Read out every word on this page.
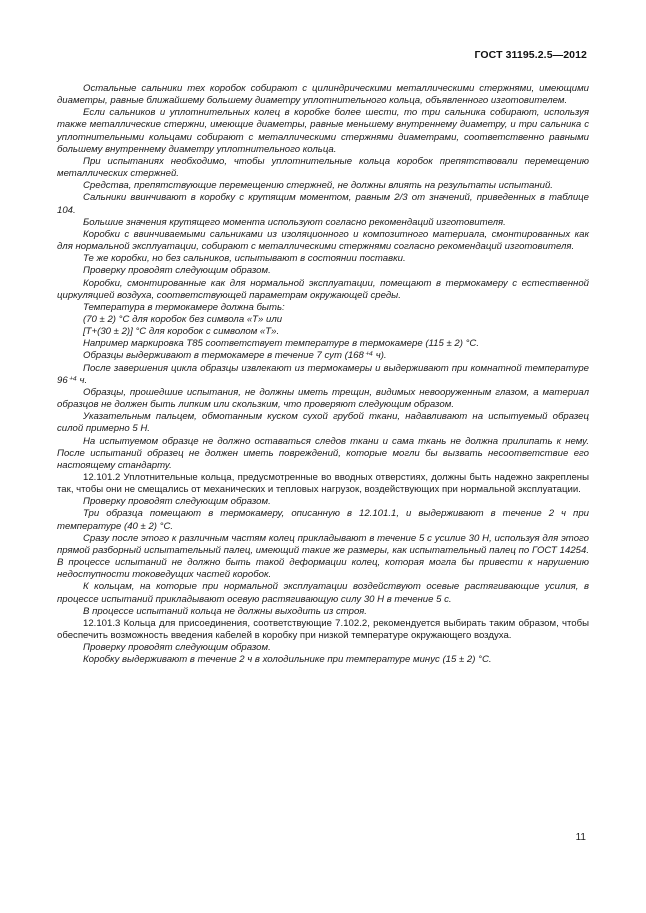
ГОСТ 31195.2.5—2012

Остальные сальники тех коробок собирают с цилиндрическими металлическими стержнями, имеющими диаметры, равные ближайшему большему диаметру уплотнительного кольца, объявленного изготовителем.

Если сальников и уплотнительных колец в коробке более шести, то три сальника собирают, используя также металлические стержни, имеющие диаметры, равные меньшему внутреннему диаметру, и три сальника с уплотнительными кольцами собирают с металлическими стержнями диаметрами, соответственно равными большему внутреннему диаметру уплотнительного кольца.

При испытаниях необходимо, чтобы уплотнительные кольца коробок препятствовали перемещению металлических стержней.

Средства, препятствующие перемещению стержней, не должны влиять на результаты испытаний.

Сальники ввинчивают в коробку с крутящим моментом, равным 2/3 от значений, приведенных в таблице 104.

Большие значения крутящего момента используют согласно рекомендаций изготовителя.

Коробки с ввинчиваемыми сальниками из изоляционного и композитного материала, смонтированных как для нормальной эксплуатации, собирают с металлическими стержнями согласно рекомендаций изготовителя.

Те же коробки, но без сальников, испытывают в состоянии поставки.

Проверку проводят следующим образом.

Коробки, смонтированные как для нормальной эксплуатации, помещают в термокамеру с естественной циркуляцией воздуха, соответствующей параметрам окружающей среды.

Температура в термокамере должна быть:

(70 ± 2) °С для коробок без символа «Т» или

[Т+(30 ± 2)] °С для коробок с символом «Т».

Например маркировка Т85 соответствует температуре в термокамере (115 ± 2) °С.

Образцы выдерживают в термокамере в течение 7 сут (168⁺⁴ ч).

После завершения цикла образцы извлекают из термокамеры и выдерживают при комнатной температуре 96⁺⁴ ч.

Образцы, прошедшие испытания, не должны иметь трещин, видимых невооруженным глазом, а материал образцов не должен быть липким или скользким, что проверяют следующим образом.

Указательным пальцем, обмотанным куском сухой грубой ткани, надавливают на испытуемый образец силой примерно 5 Н.

На испытуемом образце не должно оставаться следов ткани и сама ткань не должна прилипать к нему. После испытаний образец не должен иметь повреждений, которые могли бы вызвать несоответствие его настоящему стандарту.

12.101.2 Уплотнительные кольца, предусмотренные во вводных отверстиях, должны быть надежно закреплены так, чтобы они не смещались от механических и тепловых нагрузок, воздействующих при нормальной эксплуатации.

Проверку проводят следующим образом.

Три образца помещают в термокамеру, описанную в 12.101.1, и выдерживают в течение 2 ч при температуре (40 ± 2) °С.

Сразу после этого к различным частям колец прикладывают в течение 5 с усилие 30 Н, используя для этого прямой разборный испытательный палец, имеющий такие же размеры, как испытательный палец по ГОСТ 14254. В процессе испытаний не должно быть такой деформации колец, которая могла бы привести к нарушению недоступности токоведущих частей коробок.

К кольцам, на которые при нормальной эксплуатации воздействуют осевые растягивающие усилия, в процессе испытаний прикладывают осевую растягивающую силу 30 Н в течение 5 с.

В процессе испытаний кольца не должны выходить из строя.

12.101.3 Кольца для присоединения, соответствующие 7.102.2, рекомендуется выбирать таким образом, чтобы обеспечить возможность введения кабелей в коробку при низкой температуре окружающего воздуха.

Проверку проводят следующим образом.

Коробку выдерживают в течение 2 ч в холодильнике при температуре минус (15 ± 2) °С.

11
